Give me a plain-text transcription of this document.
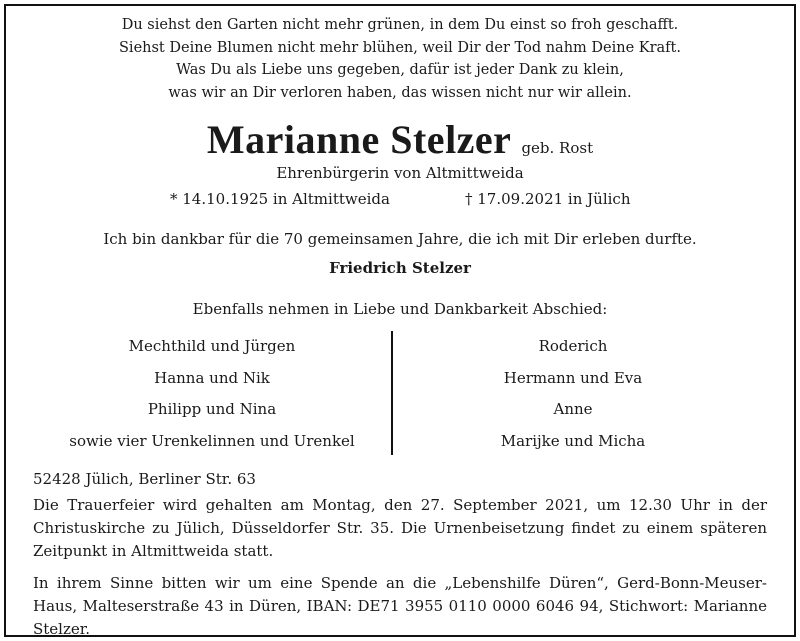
Du siehst den Garten nicht mehr grünen, in dem Du einst so froh geschafft.
Siehst Deine Blumen nicht mehr blühen, weil Dir der Tod nahm Deine Kraft.
Was Du als Liebe uns gegeben, dafür ist jeder Dank zu klein,
was wir an Dir verloren haben, das wissen nicht nur wir allein.
Marianne Stelzer geb. Rost
Ehrenbürgerin von Altmittweida
* 14.10.1925 in Altmittweida	† 17.09.2021 in Jülich
Ich bin dankbar für die 70 gemeinsamen Jahre, die ich mit Dir erleben durfte.
Friedrich Stelzer
Ebenfalls nehmen in Liebe und Dankbarkeit Abschied:
Mechthild und Jürgen
Hanna und Nik
Philipp und Nina
sowie vier Urenkelinnen und Urenkel
Roderich
Hermann und Eva
Anne
Marijke und Micha
52428 Jülich, Berliner Str. 63
Die Trauerfeier wird gehalten am Montag, den 27. September 2021, um 12.30 Uhr in der Christuskirche zu Jülich, Düsseldorfer Str. 35. Die Urnenbeisetzung findet zu einem späteren Zeitpunkt in Altmittweida statt.
In ihrem Sinne bitten wir um eine Spende an die „Lebenshilfe Düren“, Gerd-Bonn-Meuser-Haus, Malteserstraße 43 in Düren, IBAN: DE71 3955 0110 0000 6046 94, Stichwort: Marianne Stelzer.
